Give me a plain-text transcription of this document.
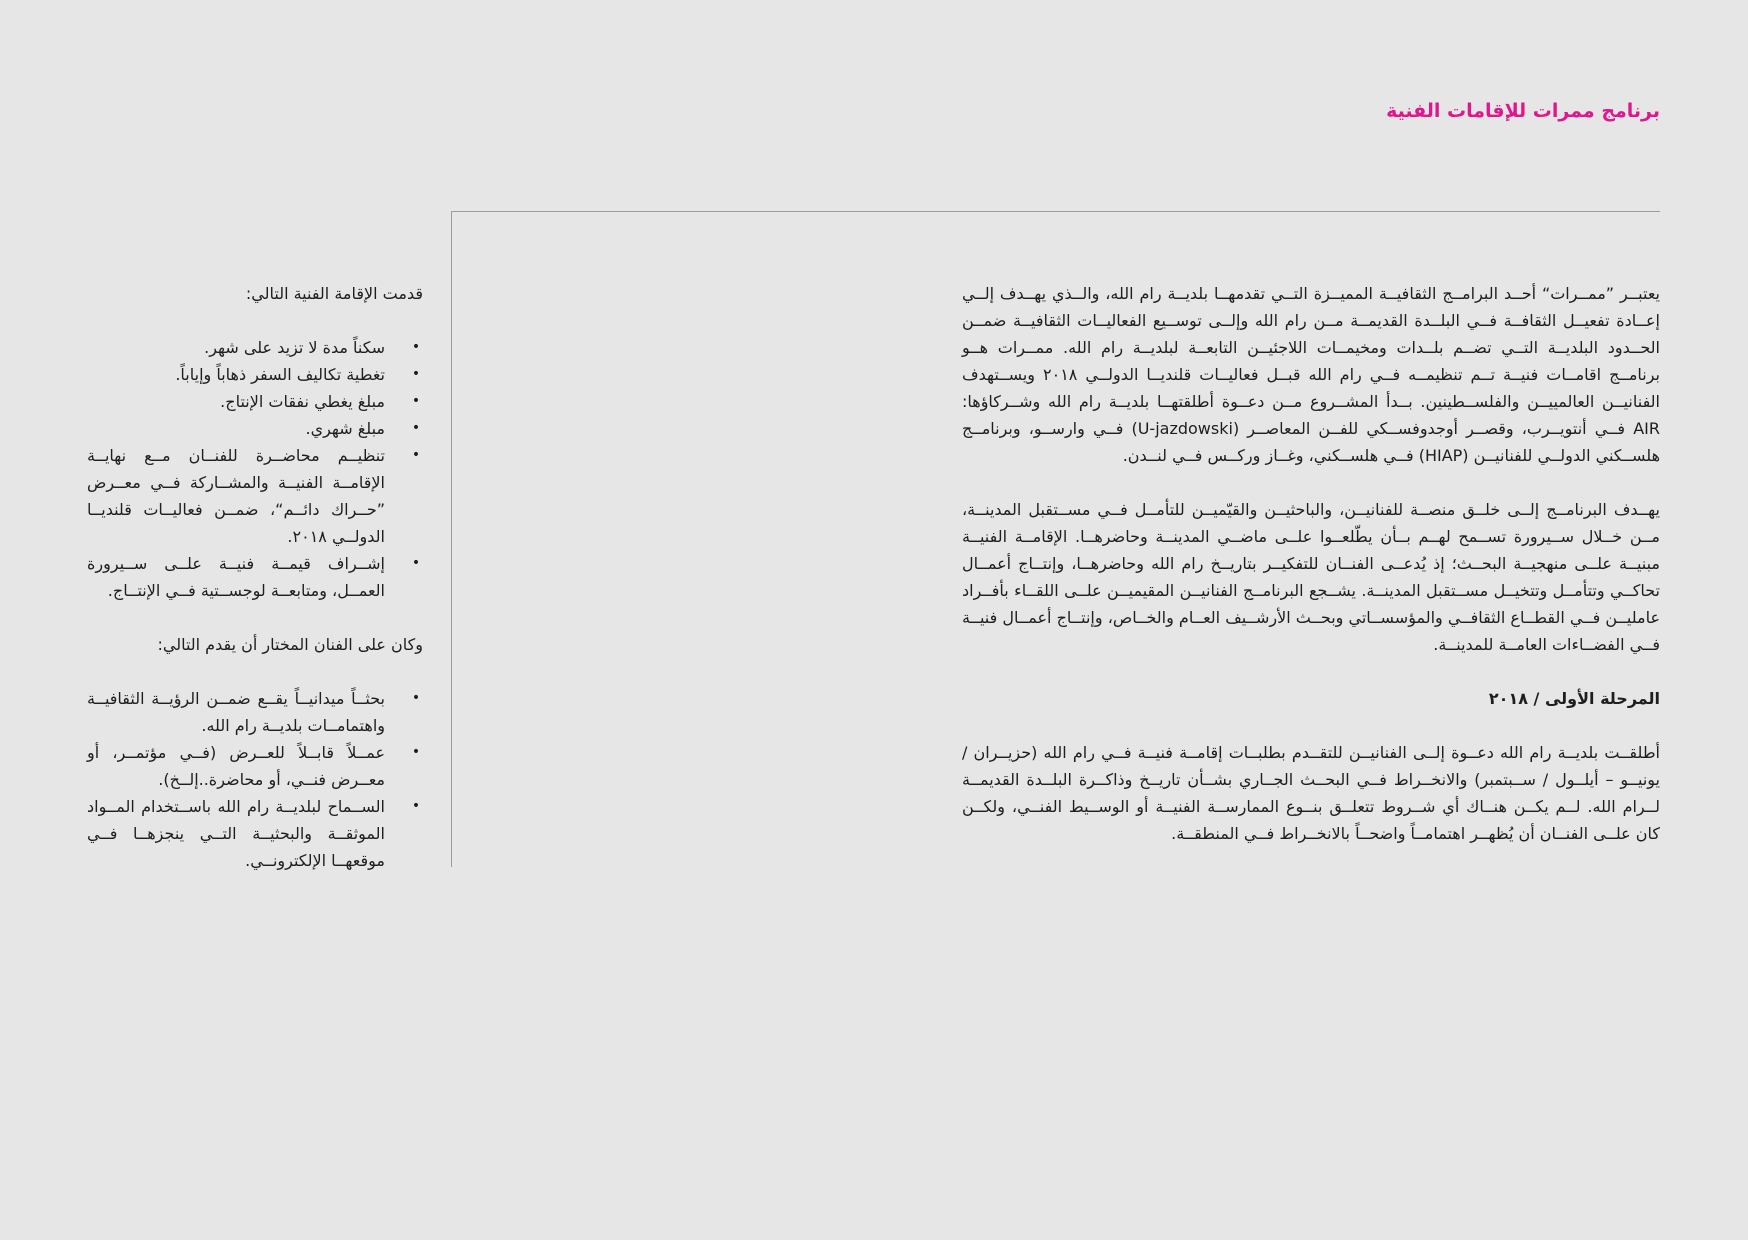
برنامج ممرات للإقامات الفنية

يعتبــر ”ممــرات“ أحــد البرامــج الثقافيــة المميــزة التــي تقدمهــا بلديــة رام الله، والــذي يهــدف إلــي إعــادة تفعيــل الثقافــة فــي البلــدة القديمــة مــن رام الله وإلــى توســيع الفعاليــات الثقافيــة ضمــن الحــدود البلديــة التــي تضــم بلــدات ومخيمــات اللاجئيــن التابعــة لبلديــة رام الله. ممــرات هــو برنامــج اقامــات فنيــة تــم تنظيمــه فــي رام الله قبــل فعاليــات قلنديــا الدولــي ٢٠١٨ ويســتهدف الفنانيــن العالمييــن والفلســطينين. بــدأ المشــروع مــن دعــوة أطلقتهــا بلديــة رام الله وشــركاؤها: AIR فــي أنتويــرب، وقصــر أوجدوفســكي للفــن المعاصــر (U-jazdowski) فــي وارســو، وبرنامــج هلســكني الدولــي للفنانيــن (HIAP) فــي هلســكني، وغــاز وركــس فــي لنــدن.

يهــدف البرنامــج إلــى خلــق منصــة للفنانيــن، والباحثيــن والقيّميــن للتأمــل فــي مســتقبل المدينــة، مــن خــلال ســيرورة تســمح لهــم بــأن يطّلعــوا علــى ماضــي المدينــة وحاضرهــا. الإقامــة الفنيــة مبنيــة علــى منهجيــة البحــث؛ إذ يُدعــى الفنــان للتفكيــر بتاريــخ رام الله وحاضرهــا، وإنتــاج أعمــال تحاكــي وتتأمــل وتتخيــل مســتقبل المدينــة. يشــجع البرنامــج الفنانيــن المقيميــن علــى اللقــاء بأفــراد عامليــن فــي القطــاع الثقافــي والمؤسســاتي وبحــث الأرشــيف العــام والخــاص، وإنتــاج أعمــال فنيــة فــي الفضــاءات العامــة للمدينــة.

المرحلة الأولى / ٢٠١٨

أطلقــت بلديــة رام الله دعــوة إلــى الفنانيــن للتقــدم بطلبــات إقامــة فنيــة فــي رام الله (حزيــران / يونيــو – أيلــول / ســبتمبر) والانخــراط فــي البحــث الجــاري بشــأن تاريــخ وذاكــرة البلــدة القديمــة لــرام الله. لــم يكــن هنــاك أي شــروط تتعلــق بنــوع الممارســة الفنيــة أو الوســيط الفنــي، ولكــن كان علــى الفنــان أن يُظهــر اهتمامــاً واضحــاً بالانخــراط فــي المنطقــة.

قدمت الإقامة الفنية التالي:

•
سكناً مدة لا تزيد على شهر.
•
تغطية تكاليف السفر ذهاباً وإياباً.
•
مبلغ يغطي نفقات الإنتاج.
•
مبلغ شهري.
•
تنظيــم محاضــرة للفنــان مــع نهايــة الإقامــة الفنيــة والمشــاركة فــي معــرض ”حــراك دائــم“، ضمــن فعاليــات قلنديــا الدولــي ٢٠١٨.
•
إشــراف قيمــة فنيــة علــى ســيرورة العمــل، ومتابعــة لوجســتية فــي الإنتــاج.

وكان على الفنان المختار أن يقدم التالي:

•
بحثــاً ميدانيــاً يقــع ضمــن الرؤيــة الثقافيــة واهتمامــات بلديــة رام الله.
•
عمــلاً قابــلاً للعــرض (فــي مؤتمــر، أو معــرض فنــي، أو محاضرة..إلــخ).
•
الســماح لبلديــة رام الله باســتخدام المــواد الموثقــة والبحثيــة التــي ينجزهــا فــي موقعهــا الإلكترونــي.
